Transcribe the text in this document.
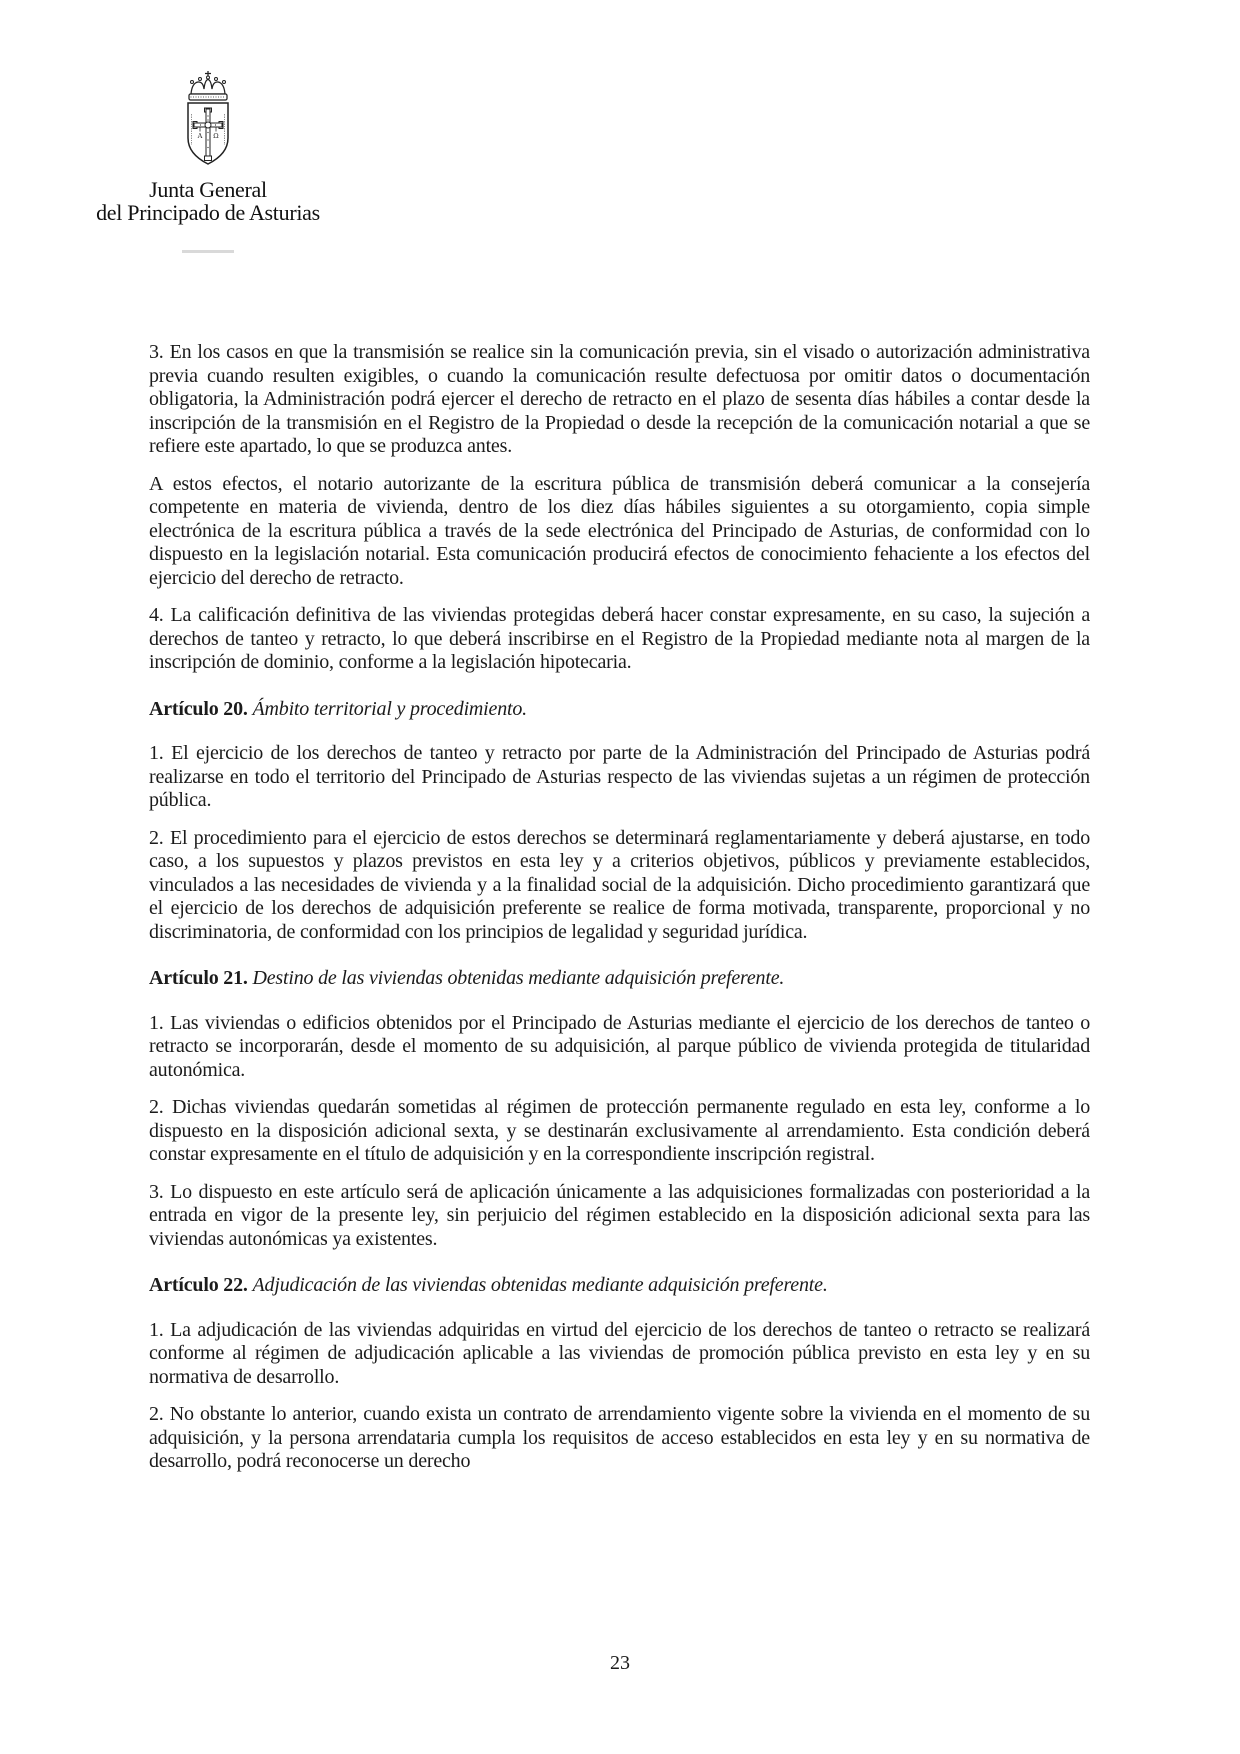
Α Ω
Junta General
del Principado de Asturias

3. En los casos en que la transmisión se realice sin la comunicación previa, sin el visado o autorización administrativa previa cuando resulten exigibles, o cuando la comunicación resulte defectuosa por omitir datos o documentación obligatoria, la Administración podrá ejercer el derecho de retracto en el plazo de sesenta días hábiles a contar desde la inscripción de la transmisión en el Registro de la Propiedad o desde la recepción de la comunicación notarial a que se refiere este apartado, lo que se produzca antes.

A estos efectos, el notario autorizante de la escritura pública de transmisión deberá comunicar a la consejería competente en materia de vivienda, dentro de los diez días hábiles siguientes a su otorgamiento, copia simple electrónica de la escritura pública a través de la sede electrónica del Principado de Asturias, de conformidad con lo dispuesto en la legislación notarial. Esta comunicación producirá efectos de conocimiento fehaciente a los efectos del ejercicio del derecho de retracto.

4. La calificación definitiva de las viviendas protegidas deberá hacer constar expresamente, en su caso, la sujeción a derechos de tanteo y retracto, lo que deberá inscribirse en el Registro de la Propiedad mediante nota al margen de la inscripción de dominio, conforme a la legislación hipotecaria.

Artículo 20. Ámbito territorial y procedimiento.

1. El ejercicio de los derechos de tanteo y retracto por parte de la Administración del Principado de Asturias podrá realizarse en todo el territorio del Principado de Asturias respecto de las viviendas sujetas a un régimen de protección pública.

2. El procedimiento para el ejercicio de estos derechos se determinará reglamentariamente y deberá ajustarse, en todo caso, a los supuestos y plazos previstos en esta ley y a criterios objetivos, públicos y previamente establecidos, vinculados a las necesidades de vivienda y a la finalidad social de la adquisición. Dicho procedimiento garantizará que el ejercicio de los derechos de adquisición preferente se realice de forma motivada, transparente, proporcional y no discriminatoria, de conformidad con los principios de legalidad y seguridad jurídica.

Artículo 21. Destino de las viviendas obtenidas mediante adquisición preferente.

1. Las viviendas o edificios obtenidos por el Principado de Asturias mediante el ejercicio de los derechos de tanteo o retracto se incorporarán, desde el momento de su adquisición, al parque público de vivienda protegida de titularidad autonómica.

2. Dichas viviendas quedarán sometidas al régimen de protección permanente regulado en esta ley, conforme a lo dispuesto en la disposición adicional sexta, y se destinarán exclusivamente al arrendamiento. Esta condición deberá constar expresamente en el título de adquisición y en la correspondiente inscripción registral.

3. Lo dispuesto en este artículo será de aplicación únicamente a las adquisiciones formalizadas con posterioridad a la entrada en vigor de la presente ley, sin perjuicio del régimen establecido en la disposición adicional sexta para las viviendas autonómicas ya existentes.

Artículo 22. Adjudicación de las viviendas obtenidas mediante adquisición preferente.

1. La adjudicación de las viviendas adquiridas en virtud del ejercicio de los derechos de tanteo o retracto se realizará conforme al régimen de adjudicación aplicable a las viviendas de promoción pública previsto en esta ley y en su normativa de desarrollo.

2. No obstante lo anterior, cuando exista un contrato de arrendamiento vigente sobre la vivienda en el momento de su adquisición, y la persona arrendataria cumpla los requisitos de acceso establecidos en esta ley y en su normativa de desarrollo, podrá reconocerse un derecho

23
